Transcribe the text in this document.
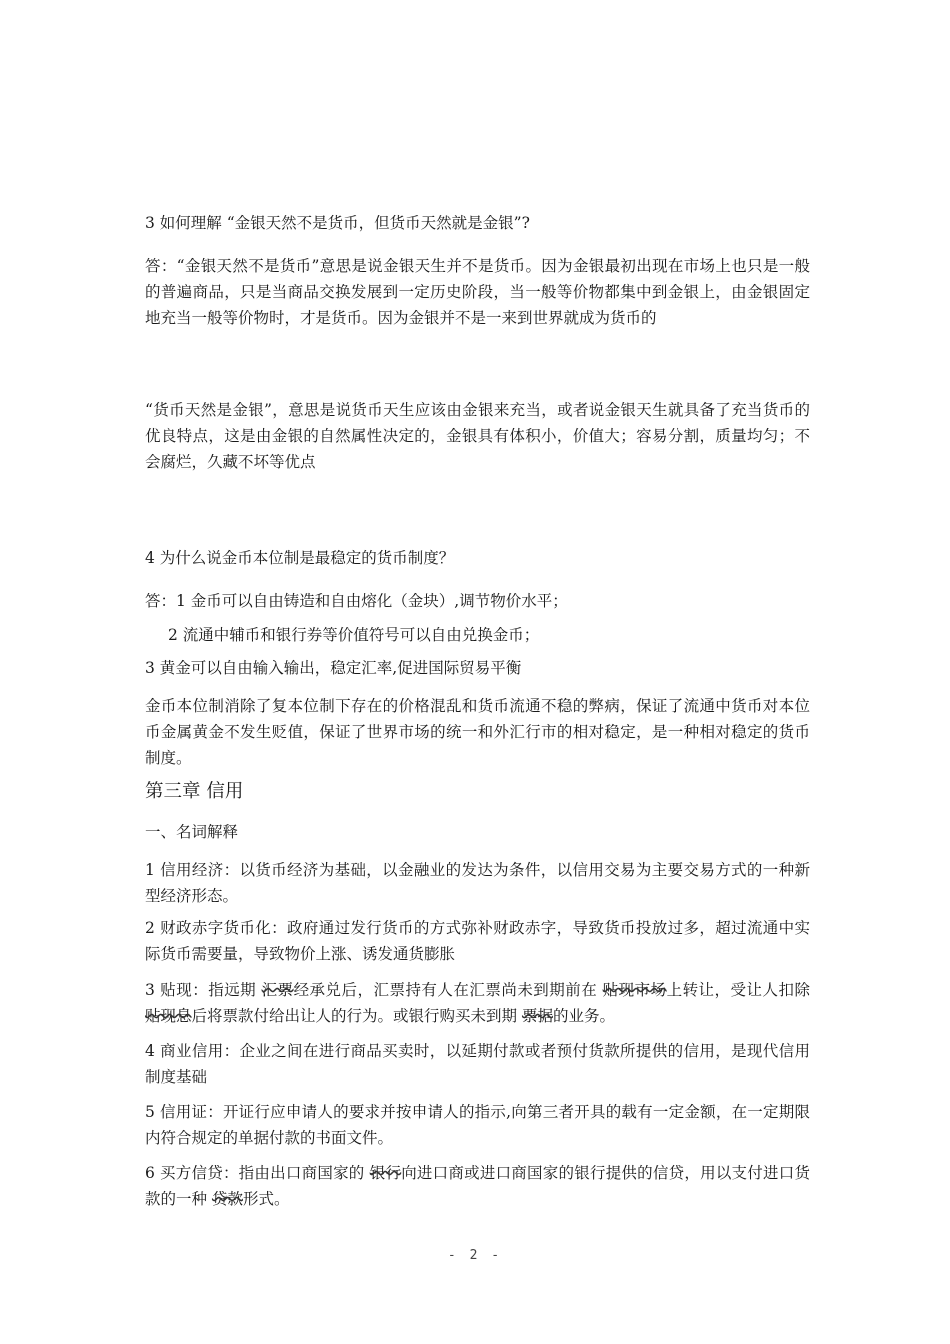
3 如何理解 “金银天然不是货币，但货币天然就是金银”?
答：“金银天然不是货币”意思是说金银天生并不是货币。因为金银最初出现在市场上也只是一般的普遍商品，只是当商品交换发展到一定历史阶段，当一般等价物都集中到金银上，由金银固定地充当一般等价物时，才是货币。因为金银并不是一来到世界就成为货币的
“货币天然是金银”，意思是说货币天生应该由金银来充当，或者说金银天生就具备了充当货币的优良特点，这是由金银的自然属性决定的，金银具有体积小，价值大；容易分割，质量均匀；不会腐烂，久藏不坏等优点
4 为什么说金币本位制是最稳定的货币制度？
答：1 金币可以自由铸造和自由熔化（金块）,调节物价水平；
2 流通中辅币和银行券等价值符号可以自由兑换金币；
3 黄金可以自由输入输出，稳定汇率,促进国际贸易平衡
金币本位制消除了复本位制下存在的价格混乱和货币流通不稳的弊病，保证了流通中货币对本位币金属黄金不发生贬值，保证了世界市场的统一和外汇行市的相对稳定，是一种相对稳定的货币制度。
第三章 信用
一、名词解释
1 信用经济：以货币经济为基础，以金融业的发达为条件，以信用交易为主要交易方式的一种新型经济形态。
2 财政赤字货币化：政府通过发行货币的方式弥补财政赤字，导致货币投放过多，超过流通中实际货币需要量，导致物价上涨、诱发通货膨胀
3 贴现：指远期 汇票经承兑后，汇票持有人在汇票尚未到期前在 贴现市场上转让，受让人扣除 贴现息后将票款付给出让人的行为。或银行购买未到期 票据的业务。
4 商业信用：企业之间在进行商品买卖时，以延期付款或者预付货款所提供的信用，是现代信用制度基础
5 信用证：开证行应申请人的要求并按申请人的指示,向第三者开具的载有一定金额，在一定期限内符合规定的单据付款的书面文件。
6 买方信贷：指由出口商国家的 银行向进口商或进口商国家的银行提供的信贷，用以支付进口货款的一种 贷款形式。
- 2 -
